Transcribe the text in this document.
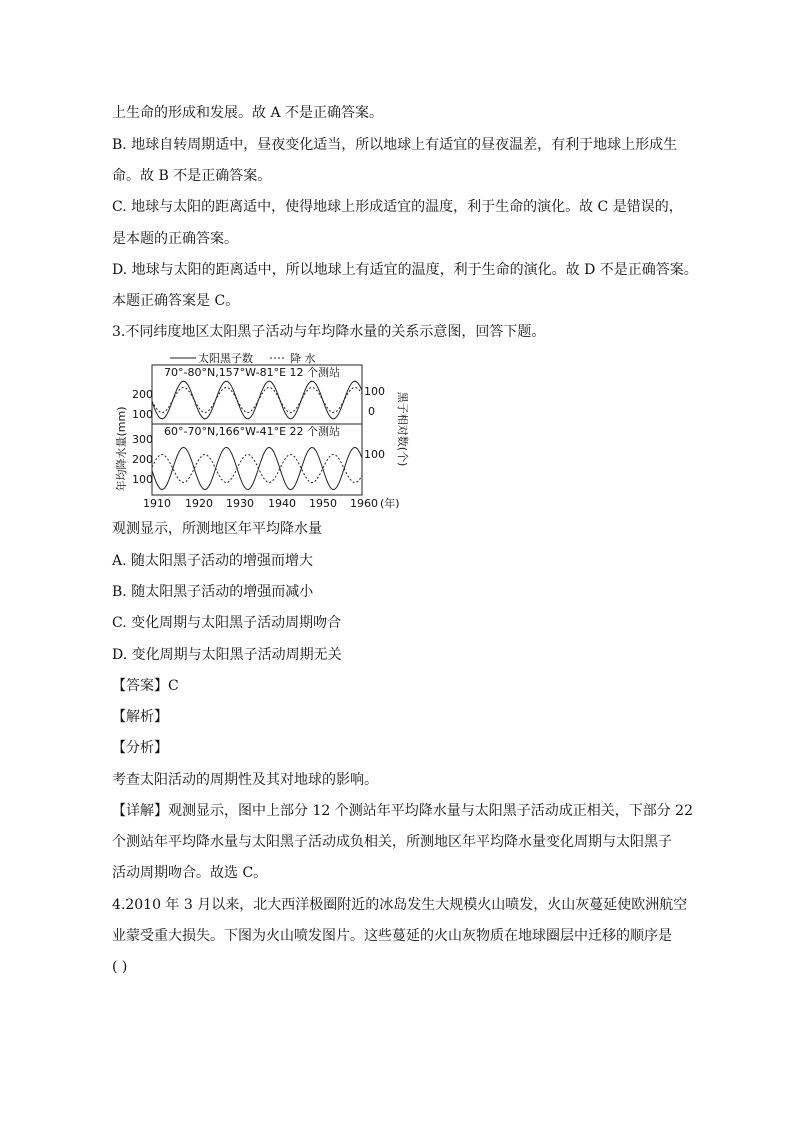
上生命的形成和发展。故 A 不是正确答案。
B. 地球自转周期适中，昼夜变化适当，所以地球上有适宜的昼夜温差，有利于地球上形成生
命。故 B 不是正确答案。
C. 地球与太阳的距离适中，使得地球上形成适宜的温度，利于生命的演化。故 C 是错误的，
是本题的正确答案。
D. 地球与太阳的距离适中，所以地球上有适宜的温度，利于生命的演化。故 D 不是正确答案。
本题正确答案是 C。
3.不同纬度地区太阳黑子活动与年均降水量的关系示意图，回答下题。
太阳黑子数	降 水
70°-80°N,157°W-81°E 12 个测站
60°-70°N,166°W-41°E 22 个测站
200
100
100
0
300
200
100
100
年均降水量(mm)	黑子相对数(个)
1910 1920 1930 1940 1950 1960 (年)
观测显示，所测地区年平均降水量
A. 随太阳黑子活动的增强而增大
B. 随太阳黑子活动的增强而减小
C. 变化周期与太阳黑子活动周期吻合
D. 变化周期与太阳黑子活动周期无关
【答案】C
【解析】
【分析】
考查太阳活动的周期性及其对地球的影响。
【详解】观测显示，图中上部分 12 个测站年平均降水量与太阳黑子活动成正相关，下部分 22
个测站年平均降水量与太阳黑子活动成负相关，所测地区年平均降水量变化周期与太阳黑子
活动周期吻合。故选 C。
4.2010 年 3 月以来，北大西洋极圈附近的冰岛发生大规模火山喷发，火山灰蔓延使欧洲航空
业蒙受重大损失。下图为火山喷发图片。这些蔓延的火山灰物质在地球圈层中迁移的顺序是
( )
